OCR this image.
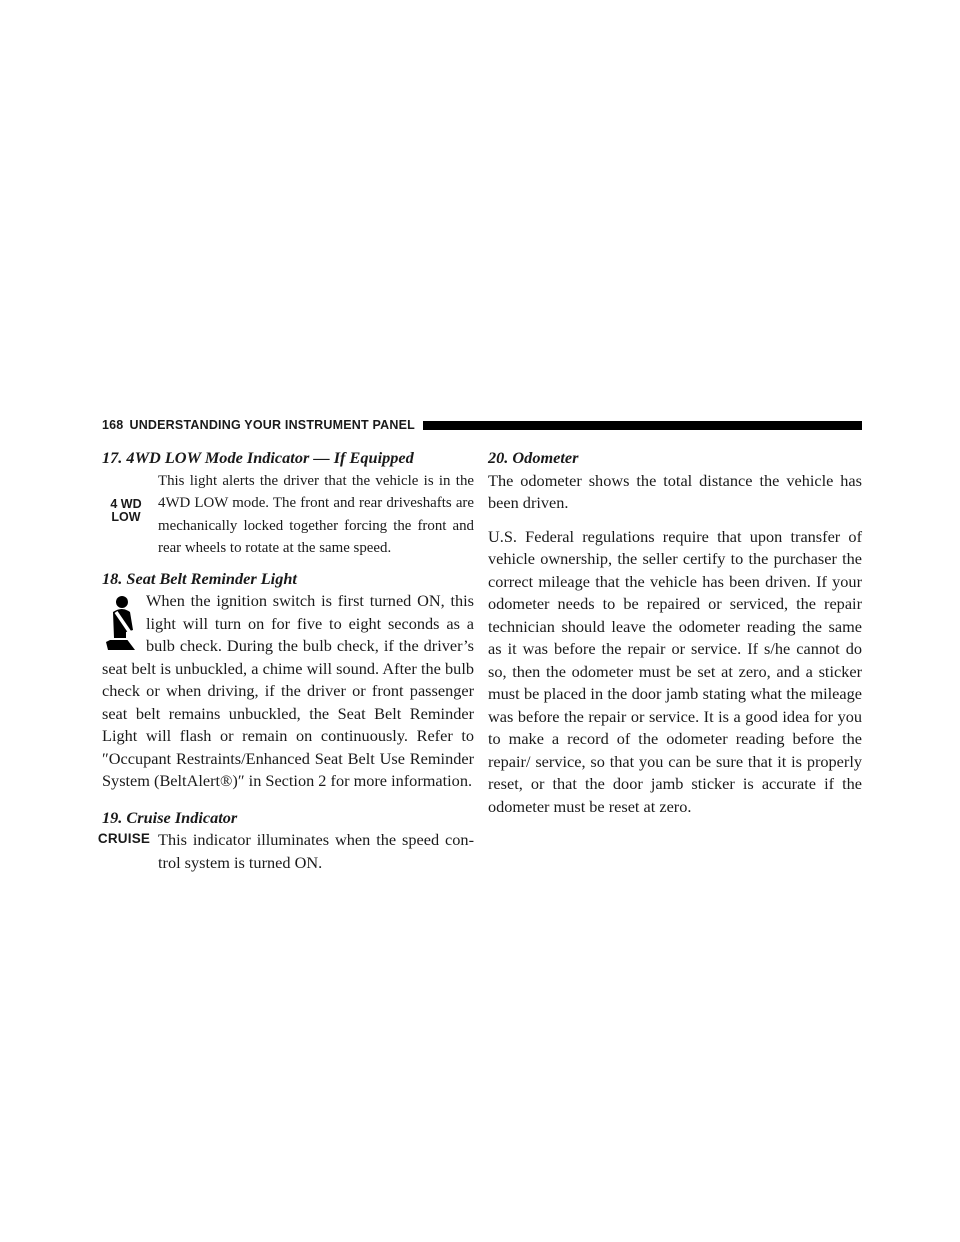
168 UNDERSTANDING YOUR INSTRUMENT PANEL

17. 4WD LOW Mode Indicator — If Equipped

4 WD
LOW

This light alerts the driver that the vehicle is in the 4WD LOW mode. The front and rear driveshafts are mechanically locked together forcing the front and rear wheels to rotate at the same speed.

18. Seat Belt Reminder Light

When the ignition switch is first turned ON, this light will turn on for five to eight seconds as a bulb check. During the bulb check, if the driver’s seat belt is unbuckled, a chime will sound. After the bulb check or when driving, if the driver or front passenger seat belt remains unbuckled, the Seat Belt Reminder Light will flash or remain on continuously. Refer to ″Occupant Restraints/Enhanced Seat Belt Use Reminder System (BeltAlert®)″ in Section 2 for more information.

19. Cruise Indicator

CRUISE This indicator illuminates when the speed con-trol system is turned ON.

20. Odometer

The odometer shows the total distance the vehicle has been driven.

U.S. Federal regulations require that upon transfer of vehicle ownership, the seller certify to the purchaser the correct mileage that the vehicle has been driven. If your odometer needs to be repaired or serviced, the repair technician should leave the odometer reading the same as it was before the repair or service. If s/he cannot do so, then the odometer must be set at zero, and a sticker must be placed in the door jamb stating what the mileage was before the repair or service. It is a good idea for you to make a record of the odometer reading before the repair/ service, so that you can be sure that it is properly reset, or that the door jamb sticker is accurate if the odometer must be reset at zero.
